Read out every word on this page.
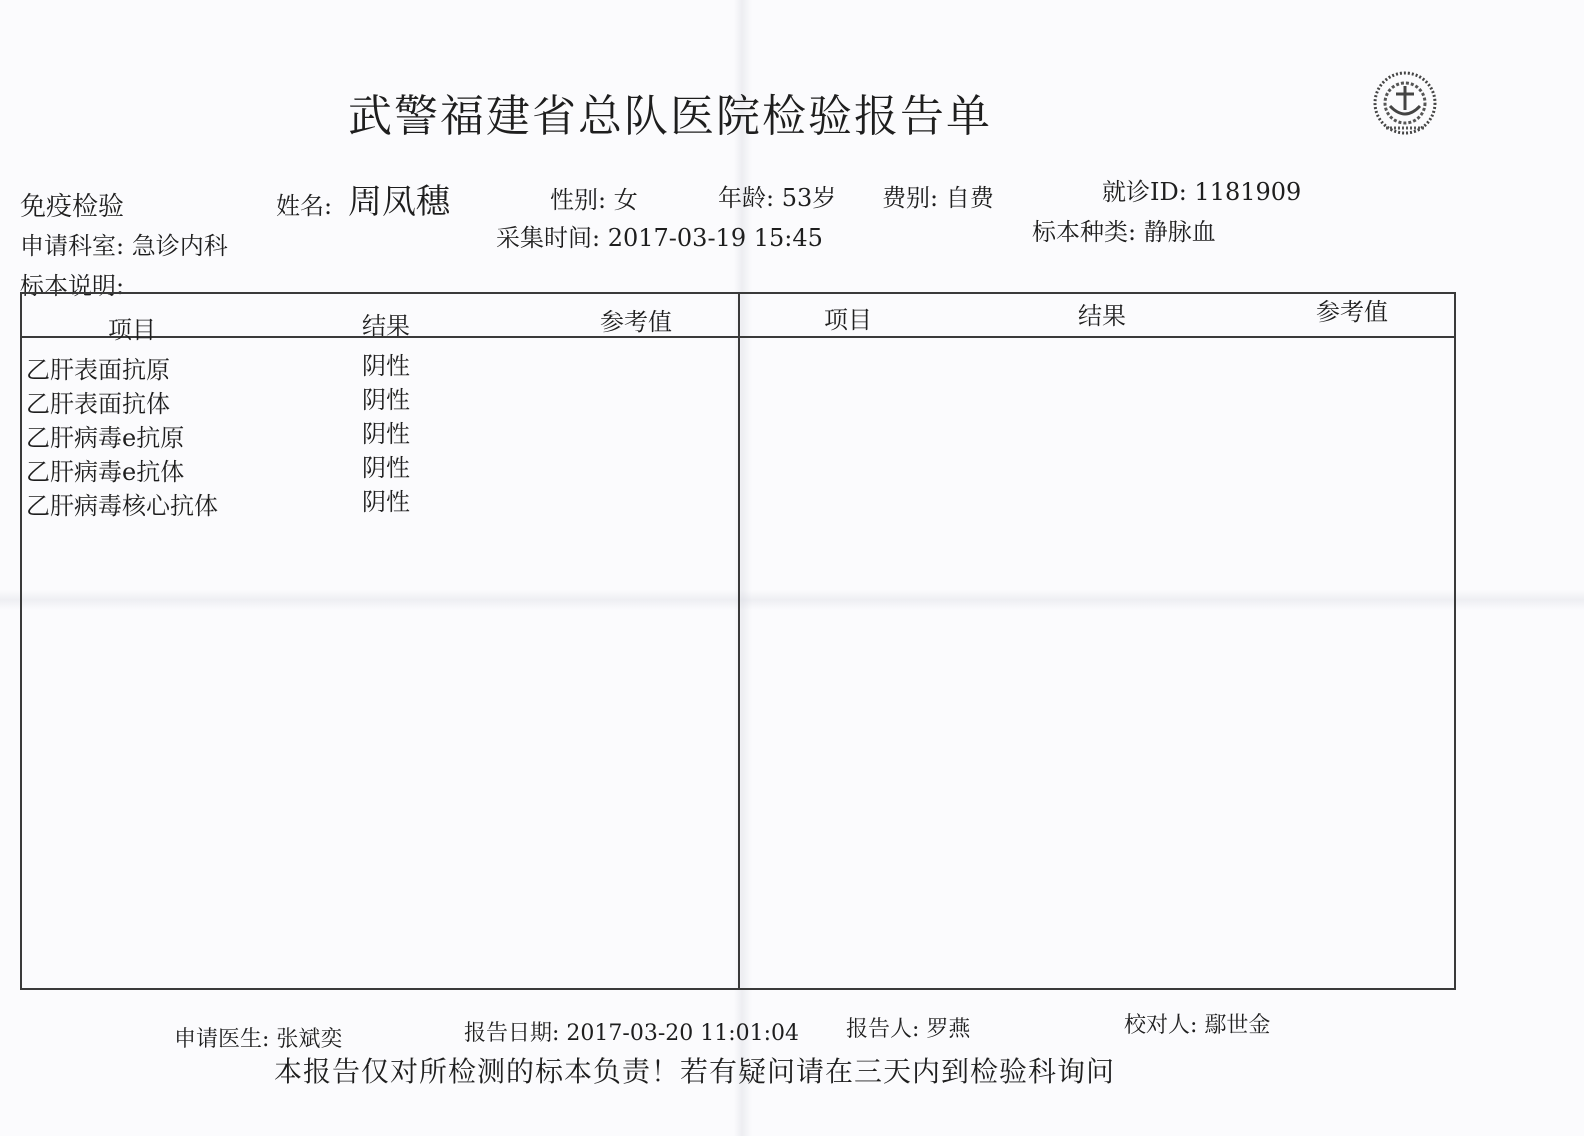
武警福建省总队医院检验报告单
免疫检验	姓名: 周凤穗	性别: 女	年龄: 53岁 费别: 自费	就诊ID: 1181909
申请科室: 急诊内科	采集时间: 2017-03-19 15:45	标本种类: 静脉血
标本说明:
项目	结果	参考值	项目	结果	参考值
乙肝表面抗原	阴性
乙肝表面抗体	阴性
乙肝病毒e抗原	阴性
乙肝病毒e抗体	阴性
乙肝病毒核心抗体	阴性
申请医生: 张斌奕	报告日期: 2017-03-20 11:01:04 报告人: 罗燕	校对人: 鄢世金
本报告仅对所检测的标本负责！若有疑问请在三天内到检验科询问
